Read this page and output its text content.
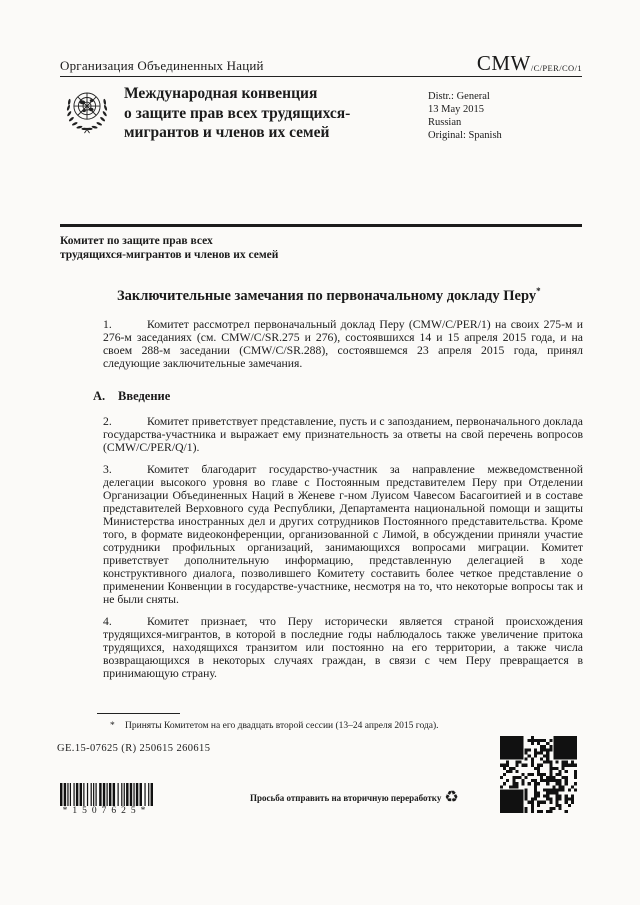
Организация Объединенных Наций	$CMW_{/C/PER/CO/1}$
Международная конвенция
о защите прав всех трудящихся-
мигрантов и членов их семей
Distr.: General
13 May 2015
Russian
Original: Spanish
Комитет по защите прав всех
трудящихся-мигрантов и членов их семей
Заключительные замечания по первоначальному докладу Перу*

1.	Комитет рассмотрел первоначальный доклад Перу (CMW/C/PER/1) на своих 275-м и 276-м заседаниях (см. CMW/C/SR.275 и 276), состоявшихся 14 и 15 апреля 2015 года, и на своем 288-м заседании (CMW/C/SR.288), состоявшемся 23 апреля 2015 года, принял следующие заключительные замечания.

A. Введение

2.	Комитет приветствует представление, пусть и с запозданием, первоначального доклада государства-участника и выражает ему признательность за ответы на свой перечень вопросов (CMW/C/PER/Q/1).

3.	Комитет благодарит государство-участник за направление межведомственной делегации высокого уровня во главе с Постоянным представителем Перу при Отделении Организации Объединенных Наций в Женеве г-ном Луисом Чавесом Басагоитией и в составе представителей Верховного суда Республики, Департамента национальной помощи и защиты Министерства иностранных дел и других сотрудников Постоянного представительства. Кроме того, в формате видеоконференции, организованной с Лимой, в обсуждении приняли участие сотрудники профильных организаций, занимающихся вопросами миграции. Комитет приветствует дополнительную информацию, представленную делегацией в ходе конструктивного диалога, позволившего Комитету составить более четкое представление о применении Конвенции в государстве-участнике, несмотря на то, что некоторые вопросы так и не были сняты.

4.	Комитет признает, что Перу исторически является страной происхождения трудящихся-мигрантов, в которой в последние годы наблюдалось также увеличение притока трудящихся, находящихся транзитом или постоянно на его территории, а также числа возвращающихся в некоторых случаях граждан, в связи с чем Перу превращается в принимающую страну.

* Приняты Комитетом на его двадцать второй сессии (13–24 апреля 2015 года).
GE.15-07625 (R) 250615 260615
*1507625*
Просьба отправить на вторичную переработку ♻
